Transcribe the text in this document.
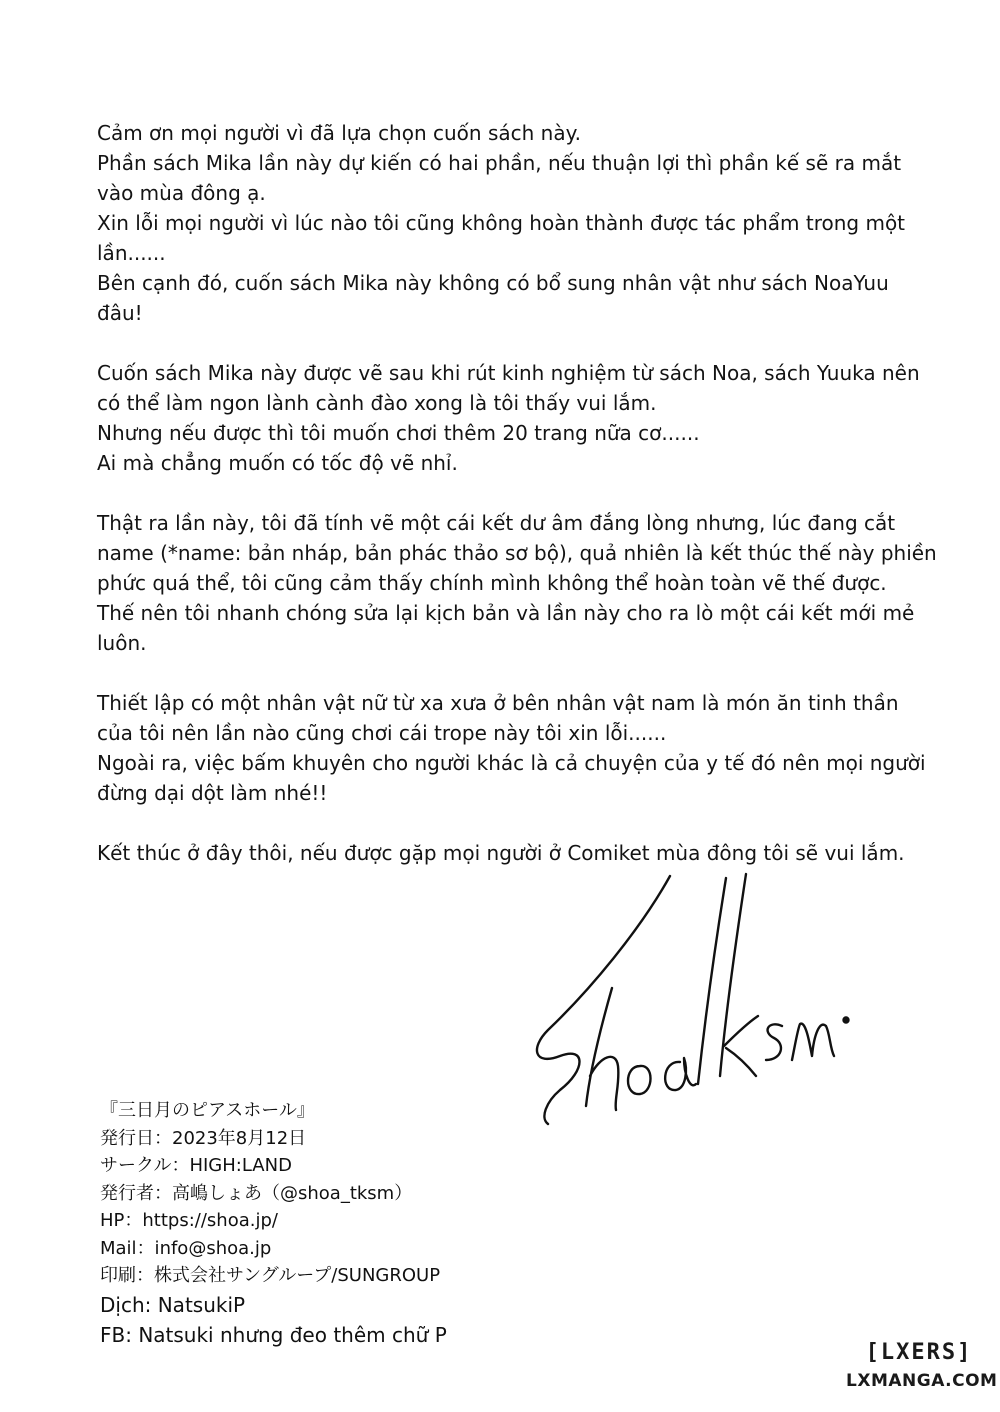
Cảm ơn mọi người vì đã lựa chọn cuốn sách này.
Phần sách Mika lần này dự kiến có hai phần, nếu thuận lợi thì phần kế sẽ ra mắt vào mùa đông ạ.
Xin lỗi mọi người vì lúc nào tôi cũng không hoàn thành được tác phẩm trong một lần......
Bên cạnh đó, cuốn sách Mika này không có bổ sung nhân vật như sách NoaYuu đâu!

Cuốn sách Mika này được vẽ sau khi rút kinh nghiệm từ sách Noa, sách Yuuka nên có thể làm ngon lành cành đào xong là tôi thấy vui lắm.
Nhưng nếu được thì tôi muốn chơi thêm 20 trang nữa cơ......
Ai mà chẳng muốn có tốc độ vẽ nhỉ.

Thật ra lần này, tôi đã tính vẽ một cái kết dư âm đắng lòng nhưng, lúc đang cắt name (*name: bản nháp, bản phác thảo sơ bộ), quả nhiên là kết thúc thế này phiền phức quá thể, tôi cũng cảm thấy chính mình không thể hoàn toàn vẽ thế được.
Thế nên tôi nhanh chóng sửa lại kịch bản và lần này cho ra lò một cái kết mới mẻ luôn.

Thiết lập có một nhân vật nữ từ xa xưa ở bên nhân vật nam là món ăn tinh thần của tôi nên lần nào cũng chơi cái trope này tôi xin lỗi......
Ngoài ra, việc bấm khuyên cho người khác là cả chuyện của y tế đó nên mọi người đừng dại dột làm nhé!!

Kết thúc ở đây thôi, nếu được gặp mọi người ở Comiket mùa đông tôi sẽ vui lắm.

『三日月のピアスホール』
発行日：2023年8月12日
サークル：HIGH:LAND
発行者：高嶋しょあ（@shoa_tksm）
HP：https://shoa.jp/
Mail：info@shoa.jp
印刷：株式会社サングループ/SUNGROUP
Dịch: NatsukiP
FB: Natsuki nhưng đeo thêm chữ P
[LXERS]
LXMANGA.COM
